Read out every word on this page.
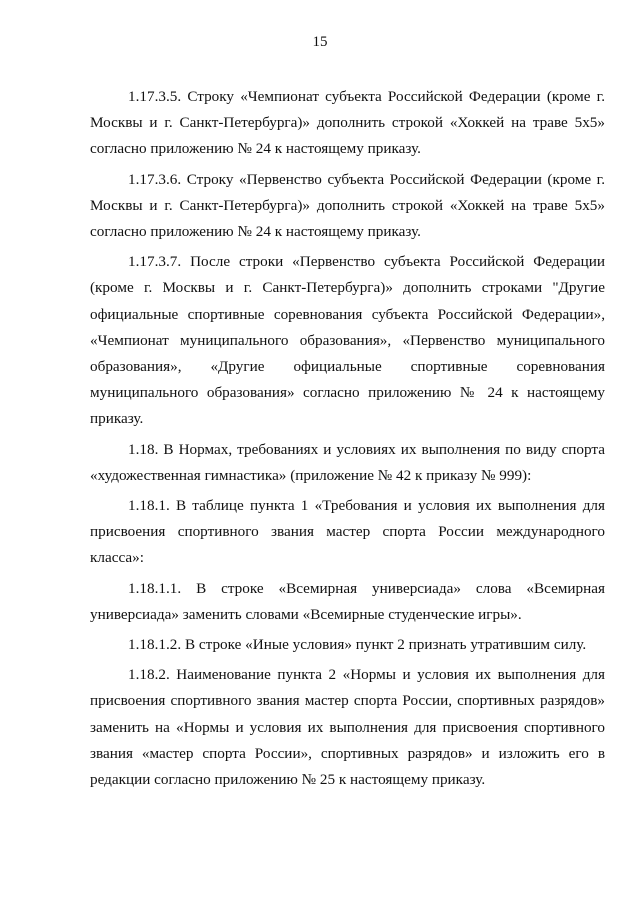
15

1.17.3.5. Строку «Чемпионат субъекта Российской Федерации (кроме г. Москвы и г. Санкт-Петербурга)» дополнить строкой «Хоккей на траве 5х5» согласно приложению № 24 к настоящему приказу.

1.17.3.6. Строку «Первенство субъекта Российской Федерации (кроме г. Москвы и г. Санкт-Петербурга)» дополнить строкой «Хоккей на траве 5х5» согласно приложению № 24 к настоящему приказу.

1.17.3.7. После строки «Первенство субъекта Российской Федерации (кроме г. Москвы и г. Санкт-Петербурга)» дополнить строками "Другие официальные спортивные соревнования субъекта Российской Федерации», «Чемпионат муниципального образования», «Первенство муниципального образования», «Другие официальные спортивные соревнования муниципального образования» согласно приложению № 24 к настоящему приказу.

1.18. В Нормах, требованиях и условиях их выполнения по виду спорта «художественная гимнастика» (приложение № 42 к приказу № 999):

1.18.1. В таблице пункта 1 «Требования и условия их выполнения для присвоения спортивного звания мастер спорта России международного класса»:

1.18.1.1. В строке «Всемирная универсиада» слова «Всемирная универсиада» заменить словами «Всемирные студенческие игры».

1.18.1.2. В строке «Иные условия» пункт 2 признать утратившим силу.

1.18.2. Наименование пункта 2 «Нормы и условия их выполнения для присвоения спортивного звания мастер спорта России, спортивных разрядов» заменить на «Нормы и условия их выполнения для присвоения спортивного звания «мастер спорта России», спортивных разрядов» и изложить его в редакции согласно приложению № 25 к настоящему приказу.
